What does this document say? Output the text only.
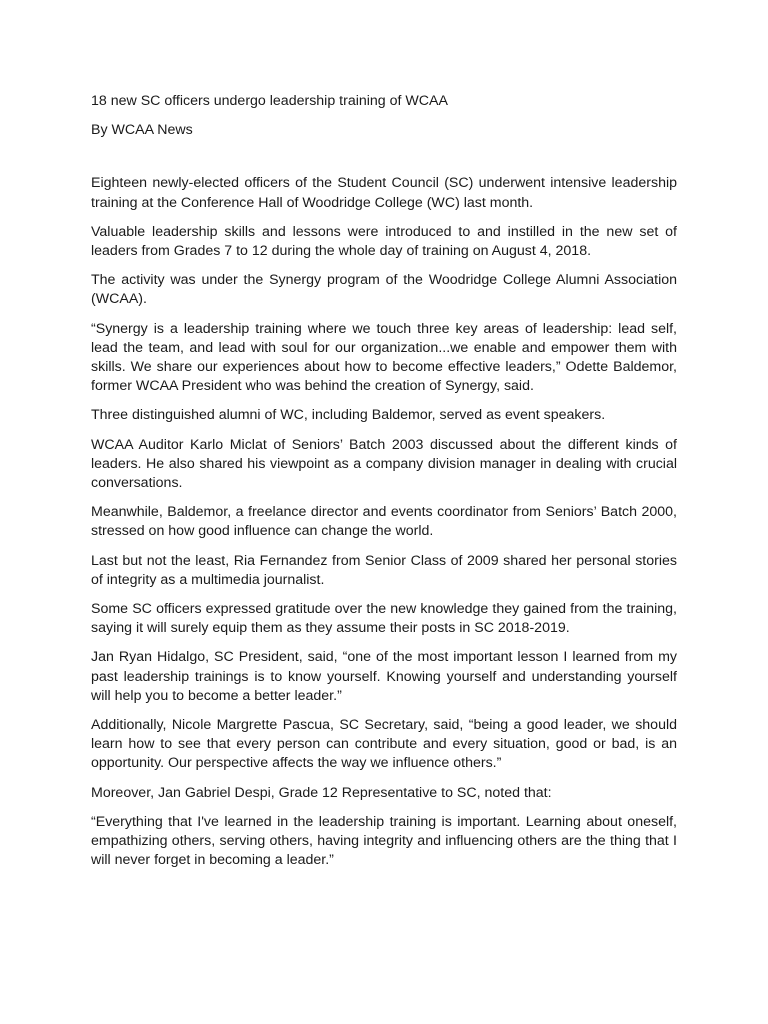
18 new SC officers undergo leadership training of WCAA

By WCAA News

Eighteen newly-elected officers of the Student Council (SC) underwent intensive leadership training at the Conference Hall of Woodridge College (WC) last month.

Valuable leadership skills and lessons were introduced to and instilled in the new set of leaders from Grades 7 to 12 during the whole day of training on August 4, 2018.

The activity was under the Synergy program of the Woodridge College Alumni Association (WCAA).

“Synergy is a leadership training where we touch three key areas of leadership: lead self, lead the team, and lead with soul for our organization...we enable and empower them with skills. We share our experiences about how to become effective leaders,” Odette Baldemor, former WCAA President who was behind the creation of Synergy, said.

Three distinguished alumni of WC, including Baldemor, served as event speakers.

WCAA Auditor Karlo Miclat of Seniors’ Batch 2003 discussed about the different kinds of leaders. He also shared his viewpoint as a company division manager in dealing with crucial conversations.

Meanwhile, Baldemor, a freelance director and events coordinator from Seniors’ Batch 2000, stressed on how good influence can change the world.

Last but not the least, Ria Fernandez from Senior Class of 2009 shared her personal stories of integrity as a multimedia journalist.

Some SC officers expressed gratitude over the new knowledge they gained from the training, saying it will surely equip them as they assume their posts in SC 2018-2019.

Jan Ryan Hidalgo, SC President, said, “one of the most important lesson I learned from my past leadership trainings is to know yourself. Knowing yourself and understanding yourself will help you to become a better leader.”

Additionally, Nicole Margrette Pascua, SC Secretary, said, “being a good leader, we should learn how to see that every person can contribute and every situation, good or bad, is an opportunity. Our perspective affects the way we influence others.”

Moreover, Jan Gabriel Despi, Grade 12 Representative to SC, noted that:

“Everything that I've learned in the leadership training is important. Learning about oneself, empathizing others, serving others, having integrity and influencing others are the thing that I will never forget in becoming a leader.”
